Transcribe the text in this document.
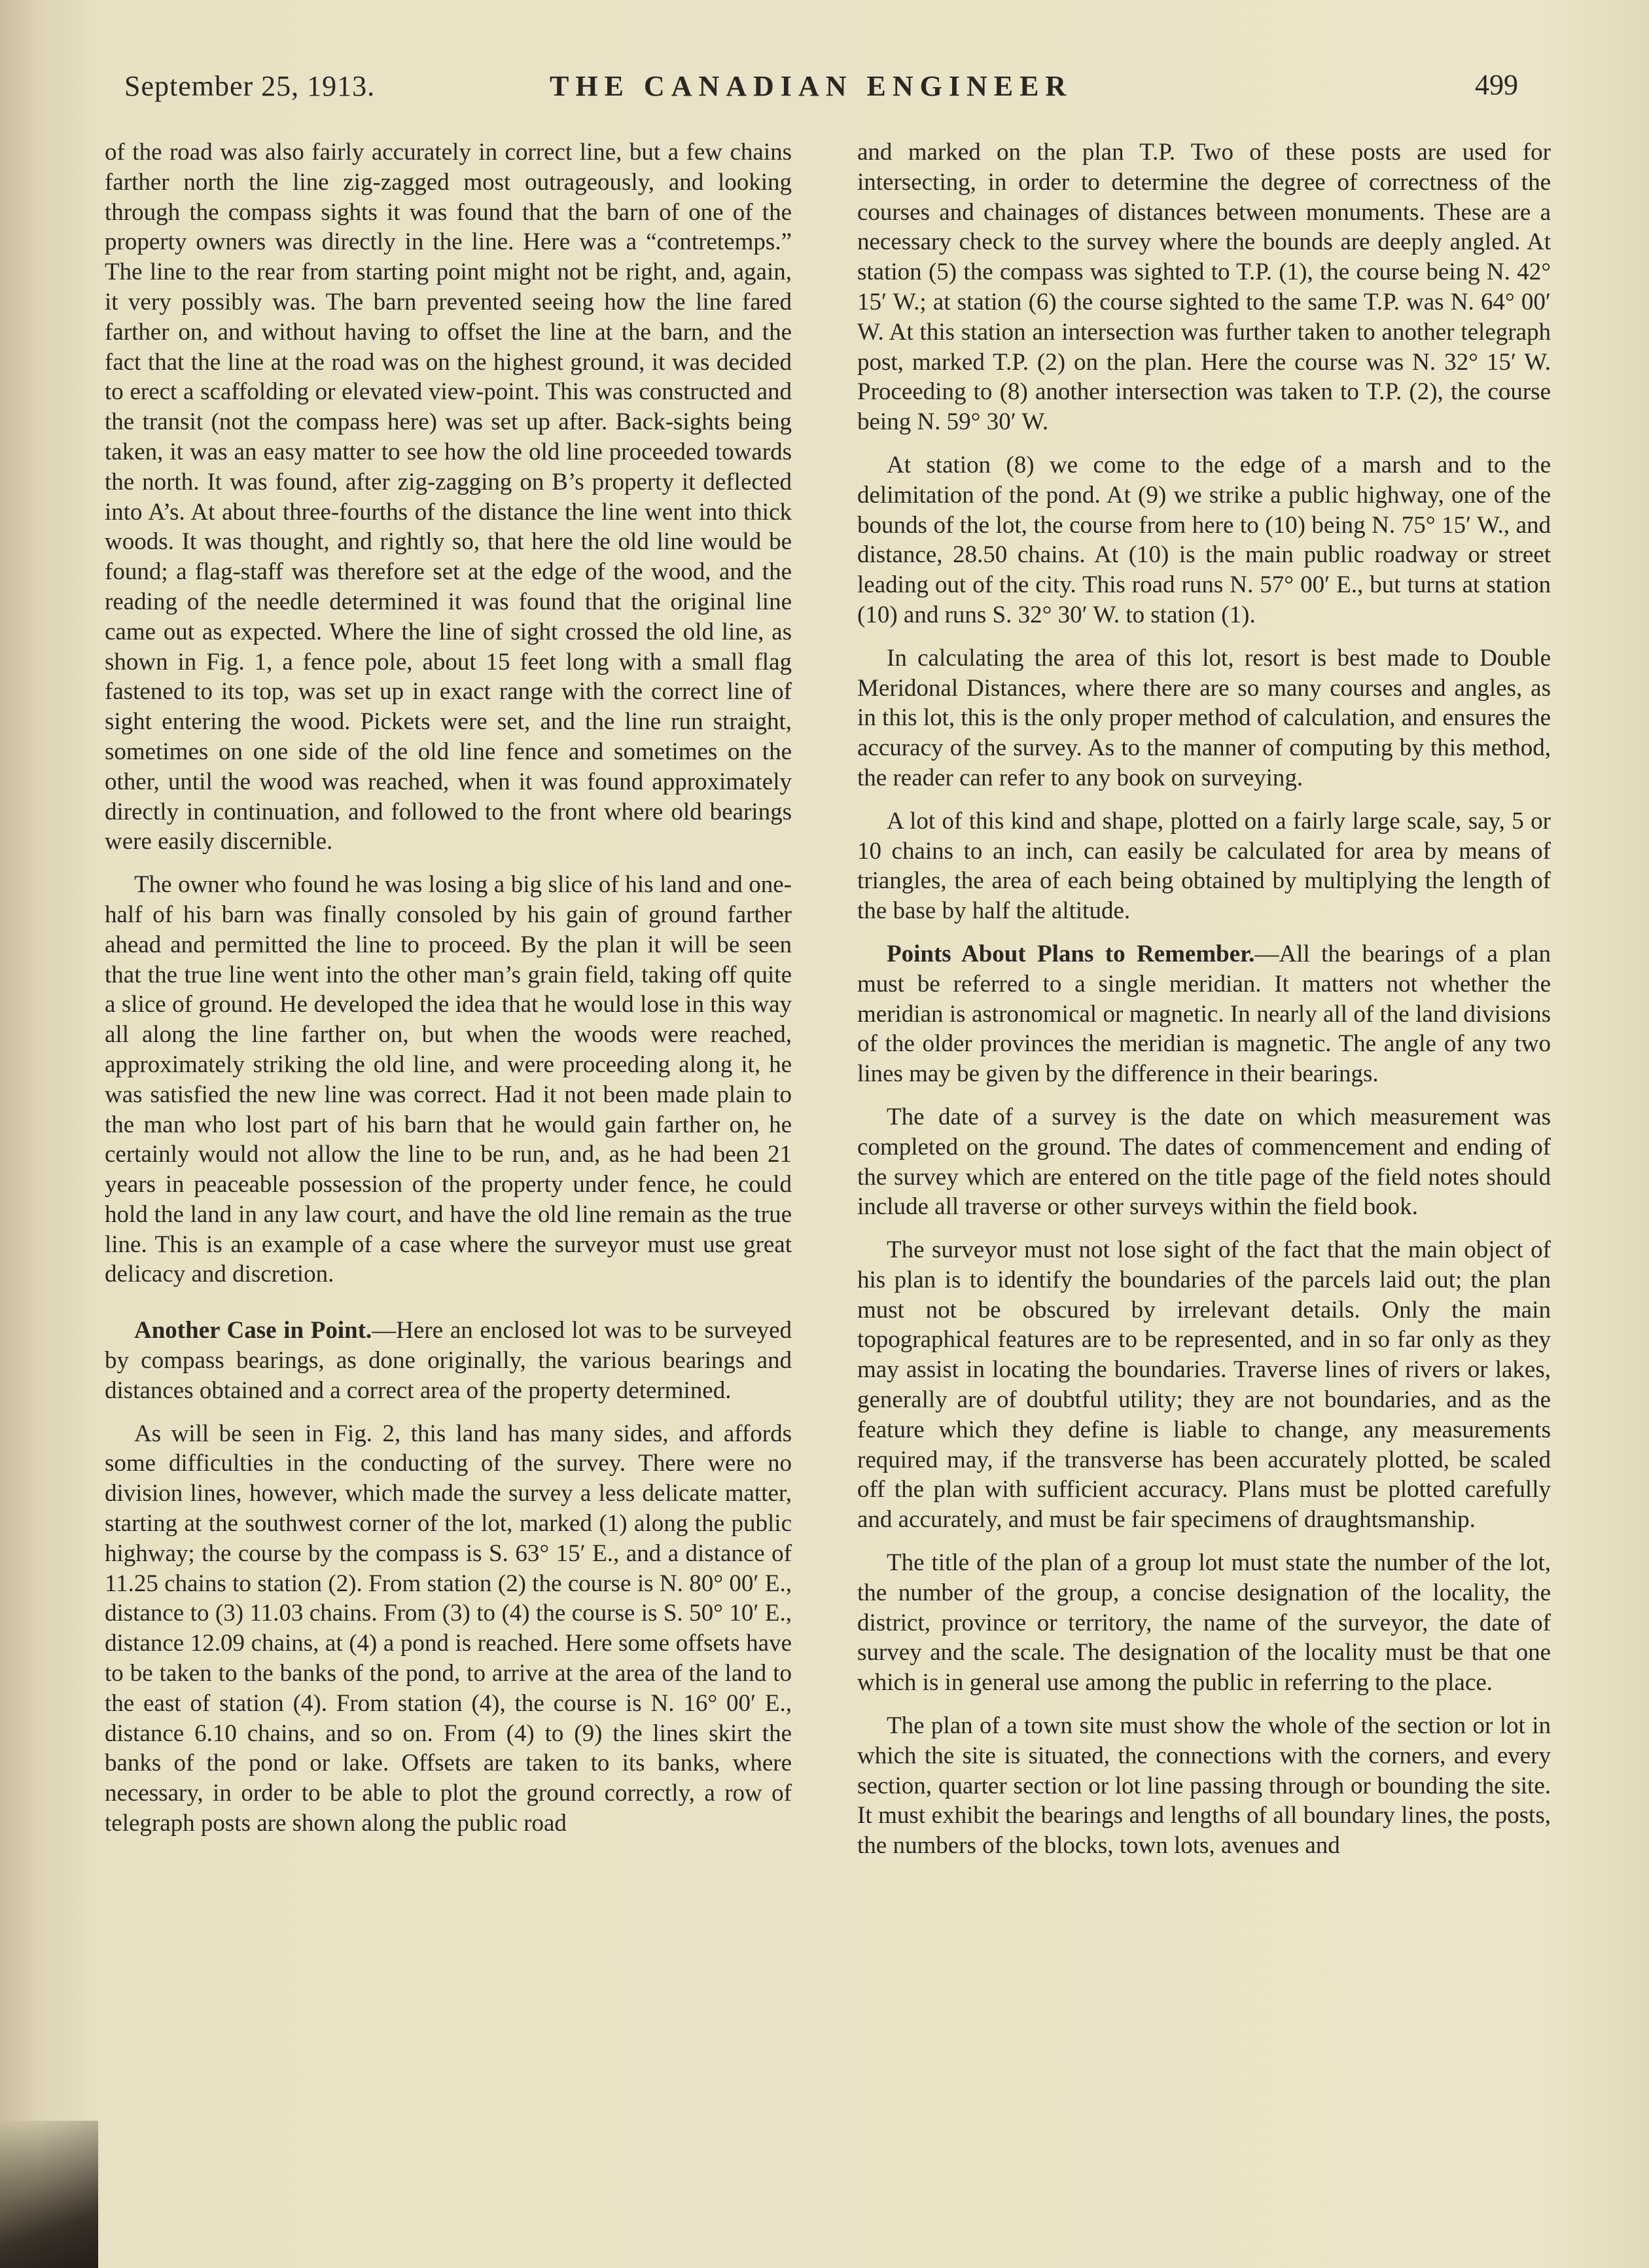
September 25, 1913.	THE CANADIAN ENGINEER	499

of the road was also fairly accurately in correct line, but a few chains farther north the line zig-zagged most outrageously, and looking through the compass sights it was found that the barn of one of the property owners was directly in the line. Here was a “contretemps.” The line to the rear from starting point might not be right, and, again, it very possibly was. The barn prevented seeing how the line fared farther on, and without having to offset the line at the barn, and the fact that the line at the road was on the highest ground, it was decided to erect a scaffolding or elevated view-point. This was constructed and the transit (not the compass here) was set up after. Back-sights being taken, it was an easy matter to see how the old line proceeded towards the north. It was found, after zig-zagging on B’s property it deflected into A’s. At about three-fourths of the distance the line went into thick woods. It was thought, and rightly so, that here the old line would be found; a flag-staff was therefore set at the edge of the wood, and the reading of the needle determined it was found that the original line came out as expected. Where the line of sight crossed the old line, as shown in Fig. 1, a fence pole, about 15 feet long with a small flag fastened to its top, was set up in exact range with the correct line of sight entering the wood. Pickets were set, and the line run straight, sometimes on one side of the old line fence and sometimes on the other, until the wood was reached, when it was found approximately directly in continuation, and followed to the front where old bearings were easily discernible.

The owner who found he was losing a big slice of his land and one-half of his barn was finally consoled by his gain of ground farther ahead and permitted the line to proceed. By the plan it will be seen that the true line went into the other man’s grain field, taking off quite a slice of ground. He developed the idea that he would lose in this way all along the line farther on, but when the woods were reached, approximately striking the old line, and were proceeding along it, he was satisfied the new line was correct. Had it not been made plain to the man who lost part of his barn that he would gain farther on, he certainly would not allow the line to be run, and, as he had been 21 years in peaceable possession of the property under fence, he could hold the land in any law court, and have the old line remain as the true line. This is an example of a case where the surveyor must use great delicacy and discretion.

Another Case in Point.—Here an enclosed lot was to be surveyed by compass bearings, as done originally, the various bearings and distances obtained and a correct area of the property determined.

As will be seen in Fig. 2, this land has many sides, and affords some difficulties in the conducting of the survey. There were no division lines, however, which made the survey a less delicate matter, starting at the southwest corner of the lot, marked (1) along the public highway; the course by the compass is S. 63° 15′ E., and a distance of 11.25 chains to station (2). From station (2) the course is N. 80° 00′ E., distance to (3) 11.03 chains. From (3) to (4) the course is S. 50° 10′ E., distance 12.09 chains, at (4) a pond is reached. Here some offsets have to be taken to the banks of the pond, to arrive at the area of the land to the east of station (4). From station (4), the course is N. 16° 00′ E., distance 6.10 chains, and so on. From (4) to (9) the lines skirt the banks of the pond or lake. Offsets are taken to its banks, where necessary, in order to be able to plot the ground correctly, a row of telegraph posts are shown along the public road

and marked on the plan T.P. Two of these posts are used for intersecting, in order to determine the degree of correctness of the courses and chainages of distances between monuments. These are a necessary check to the survey where the bounds are deeply angled. At station (5) the compass was sighted to T.P. (1), the course being N. 42° 15′ W.; at station (6) the course sighted to the same T.P. was N. 64° 00′ W. At this station an intersection was further taken to another telegraph post, marked T.P. (2) on the plan. Here the course was N. 32° 15′ W. Proceeding to (8) another intersection was taken to T.P. (2), the course being N. 59° 30′ W.

At station (8) we come to the edge of a marsh and to the delimitation of the pond. At (9) we strike a public highway, one of the bounds of the lot, the course from here to (10) being N. 75° 15′ W., and distance, 28.50 chains. At (10) is the main public roadway or street leading out of the city. This road runs N. 57° 00′ E., but turns at station (10) and runs S. 32° 30′ W. to station (1).

In calculating the area of this lot, resort is best made to Double Meridonal Distances, where there are so many courses and angles, as in this lot, this is the only proper method of calculation, and ensures the accuracy of the survey. As to the manner of computing by this method, the reader can refer to any book on surveying.

A lot of this kind and shape, plotted on a fairly large scale, say, 5 or 10 chains to an inch, can easily be calculated for area by means of triangles, the area of each being obtained by multiplying the length of the base by half the altitude.

Points About Plans to Remember.—All the bearings of a plan must be referred to a single meridian. It matters not whether the meridian is astronomical or magnetic. In nearly all of the land divisions of the older provinces the meridian is magnetic. The angle of any two lines may be given by the difference in their bearings.

The date of a survey is the date on which measurement was completed on the ground. The dates of commencement and ending of the survey which are entered on the title page of the field notes should include all traverse or other surveys within the field book.

The surveyor must not lose sight of the fact that the main object of his plan is to identify the boundaries of the parcels laid out; the plan must not be obscured by irrelevant details. Only the main topographical features are to be represented, and in so far only as they may assist in locating the boundaries. Traverse lines of rivers or lakes, generally are of doubtful utility; they are not boundaries, and as the feature which they define is liable to change, any measurements required may, if the transverse has been accurately plotted, be scaled off the plan with sufficient accuracy. Plans must be plotted carefully and accurately, and must be fair specimens of draughtsmanship.

The title of the plan of a group lot must state the number of the lot, the number of the group, a concise designation of the locality, the district, province or territory, the name of the surveyor, the date of survey and the scale. The designation of the locality must be that one which is in general use among the public in referring to the place.

The plan of a town site must show the whole of the section or lot in which the site is situated, the connections with the corners, and every section, quarter section or lot line passing through or bounding the site. It must exhibit the bearings and lengths of all boundary lines, the posts, the numbers of the blocks, town lots, avenues and
